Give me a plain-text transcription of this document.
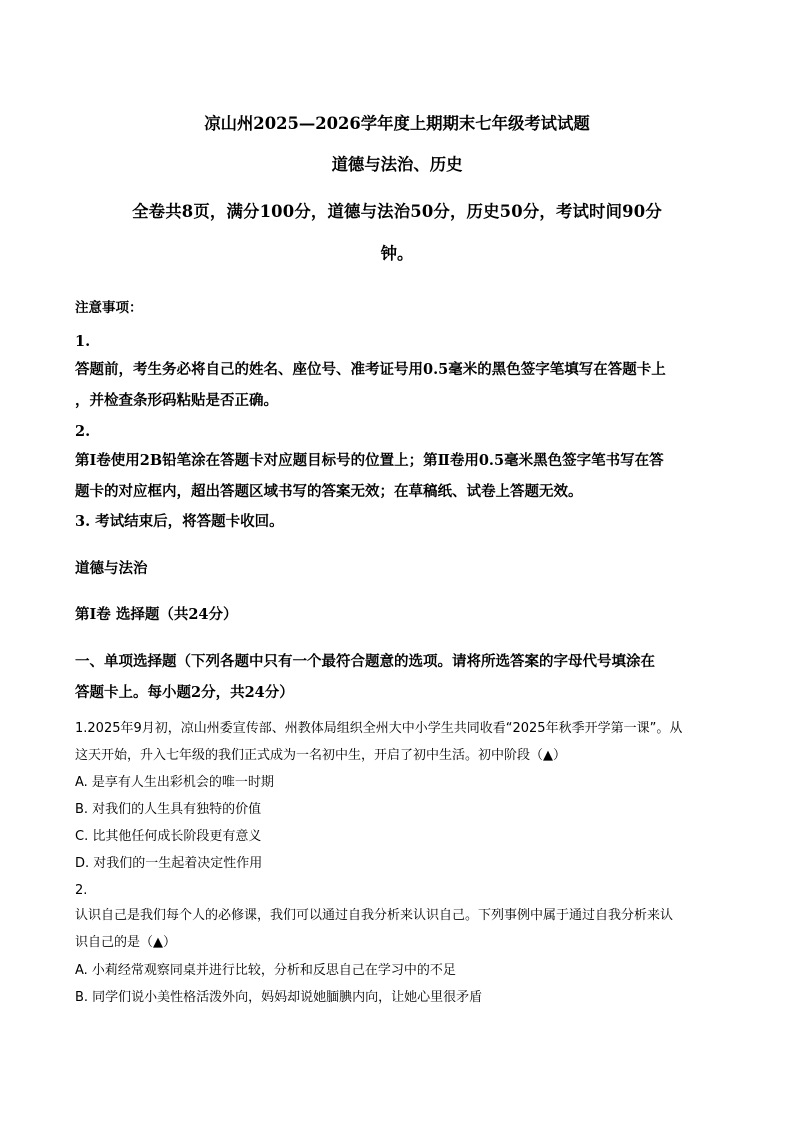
凉山州2025—2026学年度上期期末七年级考试试题
道德与法治、历史
全卷共8页，满分100分，道德与法治50分，历史50分，考试时间90分
钟。
注意事项：
1.
答题前，考生务必将自己的姓名、座位号、准考证号用0.5毫米的黑色签字笔填写在答题卡上
，并检查条形码粘贴是否正确。
2.
第Ⅰ卷使用2B铅笔涂在答题卡对应题目标号的位置上；第Ⅱ卷用0.5毫米黑色签字笔书写在答
题卡的对应框内，超出答题区域书写的答案无效；在草稿纸、试卷上答题无效。
3. 考试结束后，将答题卡收回。
道德与法治
第Ⅰ卷 选择题（共24分）
一、单项选择题（下列各题中只有一个最符合题意的选项。请将所选答案的字母代号填涂在
答题卡上。每小题2分，共24分）
1.2025年9月初，凉山州委宣传部、州教体局组织全州大中小学生共同收看“2025年秋季开学第一课”。从
这天开始，升入七年级的我们正式成为一名初中生，开启了初中生活。初中阶段（▲）
A. 是享有人生出彩机会的唯一时期
B. 对我们的人生具有独特的价值
C. 比其他任何成长阶段更有意义
D. 对我们的一生起着决定性作用
2.
认识自己是我们每个人的必修课，我们可以通过自我分析来认识自己。下列事例中属于通过自我分析来认
识自己的是（▲）
A. 小莉经常观察同桌并进行比较，分析和反思自己在学习中的不足
B. 同学们说小美性格活泼外向，妈妈却说她腼腆内向，让她心里很矛盾
